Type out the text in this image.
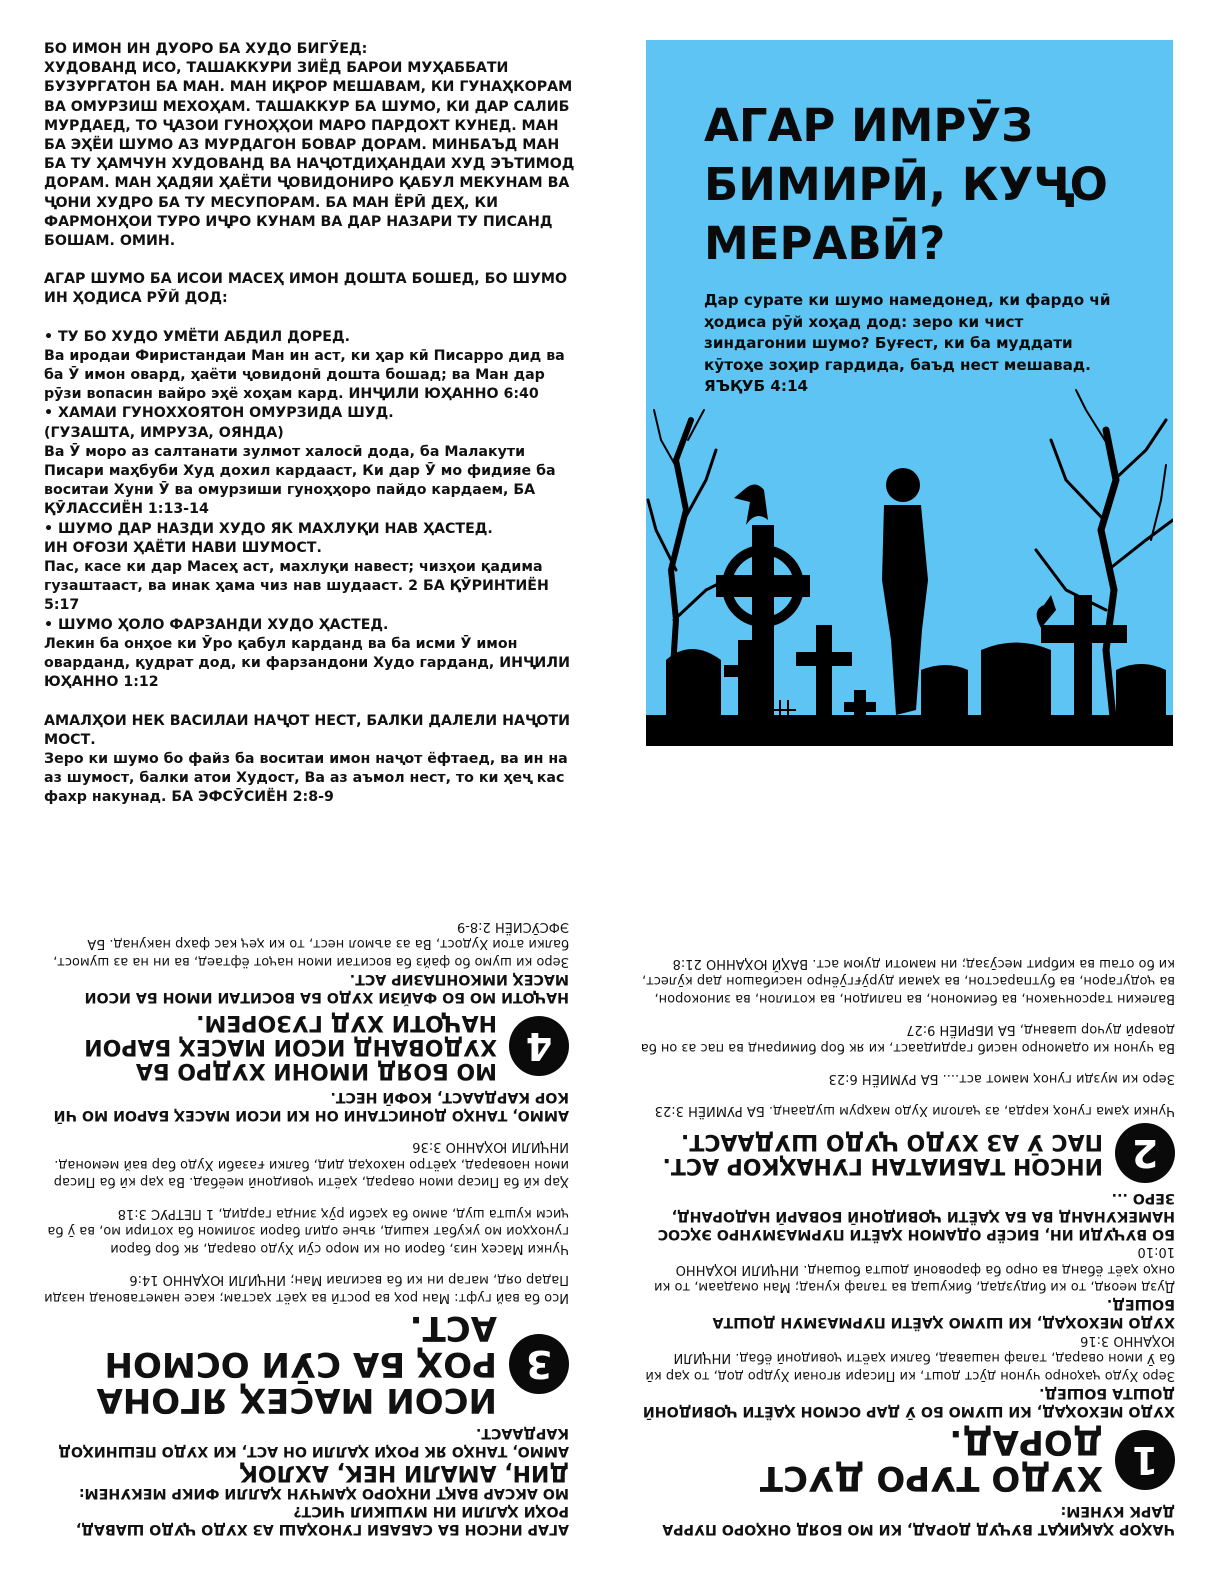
БО ИМОН ИН ДУОРО БА ХУДО БИГӮЕД:

ХУДОВАНД ИСО, ТАШАККУРИ ЗИЁД БАРОИ МУҲАББАТИ БУЗУРГАТОН БА МАН. МАН ИҚРОР МЕШАВАМ, КИ ГУНАҲКОРАМ ВА ОМУРЗИШ МЕХОҲАМ. ТАШАККУР БА ШУМО, КИ ДАР САЛИБ МУРДАЕД, ТО ҶАЗОИ ГУНОҲҲОИ МАРО ПАРДОХТ КУНЕД. МАН БА ЭҲЁИ ШУМО АЗ МУРДАГОН БОВАР ДОРАМ. МИНБАЪД МАН БА ТУ ҲАМЧУН ХУДОВАНД ВА НАҶОТДИҲАНДАИ ХУД ЭЪТИМОД ДОРАМ. МАН ҲАДЯИ ҲАЁТИ ҶОВИДОНИРО ҚАБУЛ МЕКУНАМ ВА ҶОНИ ХУДРО БА ТУ МЕСУПОРАМ. БА МАН ЁРӢ ДЕҲ, КИ ФАРМОНҲОИ ТУРО ИҶРО КУНАМ ВА ДАР НАЗАРИ ТУ ПИСАНД БОШАМ. ОМИН.

АГАР ШУМО БА ИСОИ МАСЕҲ ИМОН ДОШТА БОШЕД, БО ШУМО ИН ҲОДИСА РӮЙ ДОД:

• ТУ БО ХУДО УМЁТИ АБДИЛ ДОРЕД.

Ва иродаи Фиристандаи Ман ин аст, ки ҳар кӣ Писарро дид ва ба Ӯ имон овард, ҳаёти ҷовидонӣ дошта бошад; ва Ман дар рӯзи вопасин вайро эҳё хоҳам кард. ИНҶИЛИ ЮҲАННО 6:40

• ХАМАИ ГУНОХХОЯТОН ОМУРЗИДА ШУД.

(ГУЗАШТА, ИМРУЗА, ОЯНДА)

Ва Ӯ моро аз салтанати зулмот халосӣ дода, ба Малакути Писари маҳбуби Худ дохил кардааст, Ки дар Ӯ мо фидияе ба воситаи Хуни Ӯ ва омурзиши гуноҳҳоро пайдо кардаем, БА ҚӮЛАССИЁН 1:13-14

• ШУМО ДАР НАЗДИ ХУДО ЯК МАХЛУҚИ НАВ ҲАСТЕД.

ИН ОҒОЗИ ҲАЁТИ НАВИ ШУМОСТ.

Пас, касе ки дар Масеҳ аст, махлуқи навест; чизҳои қадима гузаштааст, ва инак ҳама чиз нав шудааст. 2 БА ҚӮРИНТИЁН 5:17

• ШУМО ҲОЛО ФАРЗАНДИ ХУДО ҲАСТЕД.

Лекин ба онҳое ки Ӯро қабул карданд ва ба исми Ӯ имон оварданд, қудрат дод, ки фарзандони Худо гарданд, ИНҶИЛИ ЮҲАННО 1:12

АМАЛҲОИ НЕК ВАСИЛАИ НАҶОТ НЕСТ, БАЛКИ ДАЛЕЛИ НАҶОТИ МОСТ.

Зеро ки шумо бо файз ба воситаи имон наҷот ёфтаед, ва ин на аз шумост, балки атои Худост, Ва аз аъмол нест, то ки ҳеҷ кас фахр накунад. БА ЭФСӮСИЁН 2:8-9

АГАР ИМРӮЗ БИМИРӢ, КУҶО МЕРАВӢ?
Дар сурате ки шумо намедонед, ки фардо чӣ ҳодиса рӯй хоҳад дод: зеро ки чист зиндагонии шумо? Буғест, ки ба муддати кӯтоҳе зоҳир гардида, баъд нест мешавад.
ЯЪҚУБ 4:14

АГАР ИНСОН БА САБАБИ ГУНОҲАШ АЗ ХУДО ҶУДО ШАВАД, РОҲИ ҲАЛЛИ ИН МУШКИЛ ЧИСТ?

МО АКСАР ВАҚТ ИНҲОРО ҲАМЧУН ҲАЛЛИ ФИКР МЕКУНЕМ:

ДИН, АМАЛИ НЕК, АХЛОҚ

АММО, ТАНҲО ЯК РОҲИ ҲАЛЛИ ОН АСТ, КИ ХУДО ПЕШНИҲОД КАРДААСТ.

3
ИСОИ МАСЕҲ ЯГОНА РОҲ БА СӮИ ОСМОН АСТ.

Исо ба вай гуфт: Ман роҳ ва ростӣ ва ҳаёт ҳастам; касе наметавонад назди Падар ояд, магар ин ки ба василаи Ман; ИНҶИЛИ ЮҲАННО 14:6

Чунки Масеҳ низ, барои он ки моро сӯи Худо оварад, як бор барои гуноҳҳои мо укубат кашид, яъне одил барои золимон ба хотири мо, ва ӯ ба ҷисм кушта шуд, аммо ба ҳасби рӯҳ зинда гардид, 1 ПЕТРУС 3:18

Ҳар кӣ ба Писар имон оварад, ҳаёти ҷовидонӣ меёбад. Ва ҳар кӣ ба Писар имон наоварад, ҳаётро нахоҳад дид, балки ғазаби Худо бар вай мемонад. ИНҶИЛИ ЮҲАННО 3:36

АММО, ТАНҲО ДОНИСТАНИ ОН КИ ИСОИ МАСЕҲ БАРОИ МО ЧӢ КОР КАРДААСТ, КОФӢ НЕСТ.

4
МО БОЯД ИМОНИ ХУДРО БА ХУДОВАНД ИСОИ МАСЕҲ БАРОИ НАҶОТИ ХУД ГУЗОРЕМ.

НАҶОТИ МО БО ФАЙЗИ ХУДО БА ВОСИТАИ ИМОН БА ИСОИ МАСЕҲ ИМКОНПАЗИР АСТ.

Зеро ки шумо бо файз ба воситаи имон наҷот ёфтаед, ва ин на аз шумост, балки атои Худост, Ва аз аъмол нест, то ки ҳеҷ кас фахр накунад. БА ЭФСӮСИЁН 2:8-9

ЧАҲОР ҲАҚИҚАТ ВУҶУД ДОРАД, КИ МО БОЯД ОНҲОРО ПУРРА ДАРК КУНЕМ:

1
ХУДО ТУРО ДУСТ ДОРАД.

ХУДО МЕХОҲАД, КИ ШУМО БО Ӯ ДАР ОСМОН ҲАЁТИ ҶОВИДОНӢ ДОШТА БОШЕД.

Зеро Худо ҷаҳонро чунон дӯст дошт, ки Писари ягонаи Худро дод, то ҳар кӣ ба Ӯ имон оварад, талаф нашавад, балки ҳаёти ҷовидонӣ ёбад. ИНҶИЛИ ЮҲАННО 3:16

ХУДО МЕХОҲАД, КИ ШУМО ҲАЁТИ ПУРМАЗМУН ДОШТА БОШЕД.

Дузд меояд, то ки бидуздад, бикушад ва талаф кунад; Ман омадаам, то ки онҳо ҳаёт ёбанд ва онро ба фаровонӣ дошта бошанд. ИНҶИЛИ ЮҲАННО 10:10

БО ВУҶУДИ ИН, БИСЁР ОДАМОН ҲАЁТИ ПУРМАЗМУНРО ЭҲСОС НАМЕКУНАНД ВА БА ҲАЁТИ ҶОВИДОНӢ БОВАРӢ НАДОРАНД, ЗЕРО ...

2
ИНСОН ТАБИАТАН ГУНАҲКОР АСТ. ПАС Ӯ АЗ ХУДО ҶУДО ШУДААСТ.

Чунки ҳама гуноҳ карда, аз ҷалоли Худо маҳрум шудаанд. БА РУМИЁН 3:23

Зеро ки музди гуноҳ мамот аст.... БА РУМИЁН 6:23

Ва чунон ки одамонро насиб гардидааст, ки як бор бимиранд ва пас аз он ба доварӣ дучор шаванд, БА ИБРИЁН 9:27

Валекин тарсончакон, ва беимонон, ва палидон, ва котилон, ва зинокорон, ва ҷодугарон, ва бутпарастон, ва ҳамаи дурӯғгӯёнро насибашон дар кӯлест, ки бо оташ ва кибрит месӯзад; ин мамоти дуюм аст. ВАҲЙ ЮҲАННО 21:8
